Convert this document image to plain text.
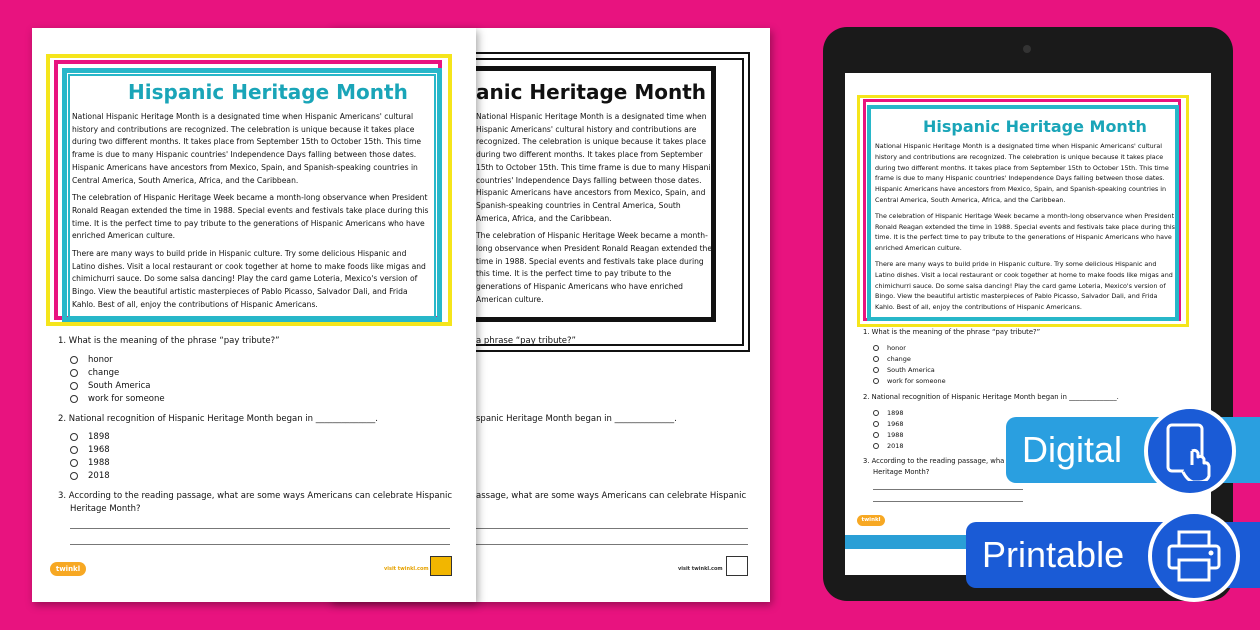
Hispanic Heritage Month

National Hispanic Heritage Month is a designated time when Hispanic Americans' cultural history and contributions are recognized. The celebration is unique because it takes place during two different months. It takes place from September 15th to October 15th. This time frame is due to many Hispanic countries' Independence Days falling between those dates. Hispanic Americans have ancestors from Mexico, Spain, and Spanish-speaking countries in Central America, South America, Africa, and the Caribbean.

The celebration of Hispanic Heritage Week became a month-long observance when President Ronald Reagan extended the time in 1988. Special events and festivals take place during this time. It is the perfect time to pay tribute to the generations of Hispanic Americans who have enriched American culture.

There are many ways to build pride in Hispanic culture. Try some delicious Hispanic and Latino dishes. Visit a local restaurant or cook together at home to make foods like migas and chimichurri sauce. Do some salsa dancing! Play the card game Loteria, Mexico's version of Bingo. View the beautiful artistic masterpieces of Pablo Picasso, Salvador Dali, and Frida Kahlo. Best of all, enjoy the contributions of Hispanic Americans.

1. What is the meaning of the phrase “pay tribute?”
honor
change
South America
work for someone
2. National recognition of Hispanic Heritage Month began in ______________.
1898
1968
1988
2018
3. According to the reading passage, what are some ways Americans can celebrate Hispanic
Heritage Month?
twinkl	visit twinkl.com
anic Heritage Month

National Hispanic Heritage Month is a designated time when Hispanic Americans' cultural history and contributions are recognized. The celebration is unique because it takes place during two different months. It takes place from September 15th to October 15th. This time frame is due to many Hispanic countries' Independence Days falling between those dates. Hispanic Americans have ancestors from Mexico, Spain, and Spanish-speaking countries in Central America, South America, Africa, and the Caribbean.

The celebration of Hispanic Heritage Week became a month-long observance when President Ronald Reagan extended the time in 1988. Special events and festivals take place during this time. It is the perfect time to pay tribute to the generations of Hispanic Americans who have enriched American culture.

a phrase “pay tribute?”
spanic Heritage Month began in ______________.
assage, what are some ways Americans can celebrate Hispanic
visit twinkl.com
Hispanic Heritage Month

National Hispanic Heritage Month is a designated time when Hispanic Americans' cultural history and contributions are recognized. The celebration is unique because it takes place during two different months. It takes place from September 15th to October 15th. This time frame is due to many Hispanic countries' Independence Days falling between those dates. Hispanic Americans have ancestors from Mexico, Spain, and Spanish-speaking countries in Central America, South America, Africa, and the Caribbean.

The celebration of Hispanic Heritage Week became a month-long observance when President Ronald Reagan extended the time in 1988. Special events and festivals take place during this time. It is the perfect time to pay tribute to the generations of Hispanic Americans who have enriched American culture.

There are many ways to build pride in Hispanic culture. Try some delicious Hispanic and Latino dishes. Visit a local restaurant or cook together at home to make foods like migas and chimichurri sauce. Do some salsa dancing! Play the card game Loteria, Mexico's version of Bingo. View the beautiful artistic masterpieces of Pablo Picasso, Salvador Dali, and Frida Kahlo. Best of all, enjoy the contributions of Hispanic Americans.

1. What is the meaning of the phrase “pay tribute?”
honor
change
South America
work for someone
2. National recognition of Hispanic Heritage Month began in ______________.
1898
1968
1988
2018
3. According to the reading passage, wha
Heritage Month?
twinkl
Digital
Printable
